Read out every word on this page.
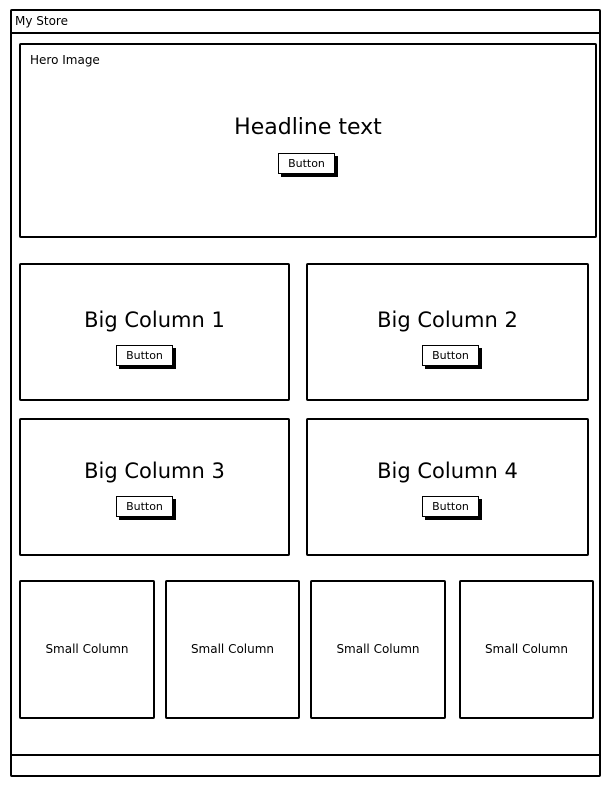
My Store
Hero Image
Headline text
Button
Big Column 1
Button
Big Column 2
Button
Big Column 3
Button
Big Column 4
Button
Small Column	Small Column	Small Column	Small Column
